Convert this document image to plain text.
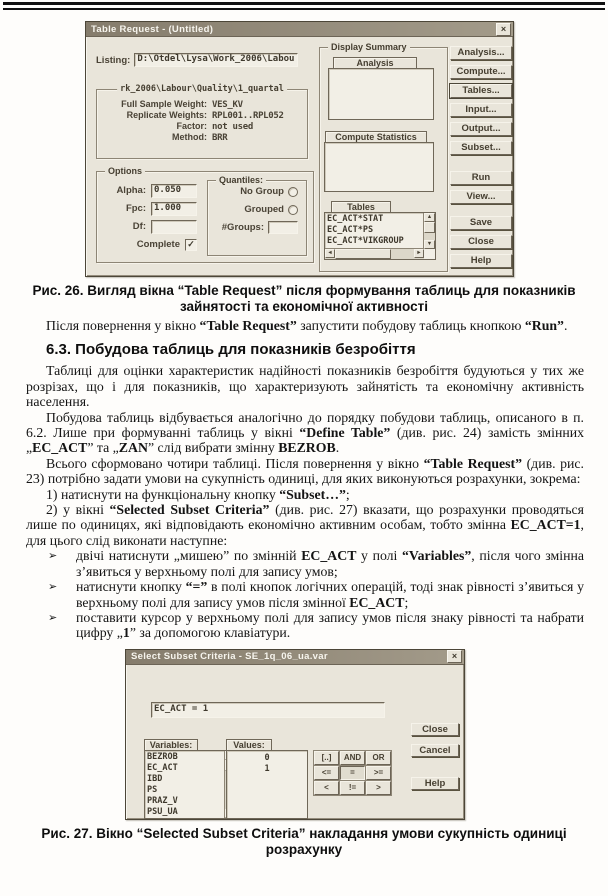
Table Request - (Untitled)	×
Listing: D:\Otdel\Lysa\Work_2006\Labou
rk_2006\Labour\Quality\1_quartal
Full Sample Weight: VES_KV
Replicate Weights: RPL001..RPL052
Factor: not used
Method: BRR
Options
Alpha: 0.050
Fpc: 1.000
Df:
Complete ✓
Quantiles:
No Group
Grouped
#Groups:
Display Summary
Analysis
Compute Statistics
Tables
EC_ACT*STAT
EC_ACT*PS
EC_ACT*VIKGROUP
▲
▼
◄	►
Analysis...
Compute...
Tables...
Input...
Output...
Subset...
Run
View...
Save
Close
Help
Рис. 26. Вигляд вікна “Table Request” після формування таблиць для показників зайнятості та економічної активності

Після повернення у вікно “Table Request” запустити побудову таблиць кнопкою “Run”.

6.3. Побудова таблиць для показників безробіття

Таблиці для оцінки характеристик надійності показників безробіття будуються у тих же розрізах, що і для показників, що характеризують зайнятість та економічну активність населення.

Побудова таблиць відбувається аналогічно до порядку побудови таблиць, описаного в п. 6.2. Лише при формуванні таблиць у вікні “Define Table” (див. рис. 24) замість змінних „EC_ACT” та „ZAN” слід вибрати змінну BEZROB.

Всього сформовано чотири таблиці. Після повернення у вікно “Table Request” (див. рис. 23) потрібно задати умови на сукупність одиниці, для яких виконуються розрахунки, зокрема:

1) натиснути на функціональну кнопку “Subset…”;

2) у вікні “Selected Subset Criteria” (див. рис. 27) вказати, що розрахунки проводяться лише по одиницях, які відповідають економічно активним особам, тобто змінна EC_ACT=1, для цього слід виконати наступне:

➢ двічі натиснути „мишею” по змінній EC_ACT у полі “Variables”, після чого змінна з’явиться у верхньому полі для запису умов;
➢ натиснути кнопку “=” в полі кнопок логічних операцій, тоді знак рівності з’явиться у верхньому полі для запису умов після змінної EC_ACT;
➢ поставити курсор у верхньому полі для запису умов після знаку рівності та набрати цифру „1” за допомогою клавіатури.
Select Subset Criteria - SE_1q_06_ua.var	×
EC_ACT = 1
Variables:
BEZROB
EC_ACT
IBD
PS
PRAZ_V
PSU_UA
Values:
0
1
[..]	AND	OR
<=	=	>=
<	!=	>
Close
Cancel
Help
Рис. 27. Вікно “Selected Subset Criteria” накладання умови сукупність одиниці розрахунку
